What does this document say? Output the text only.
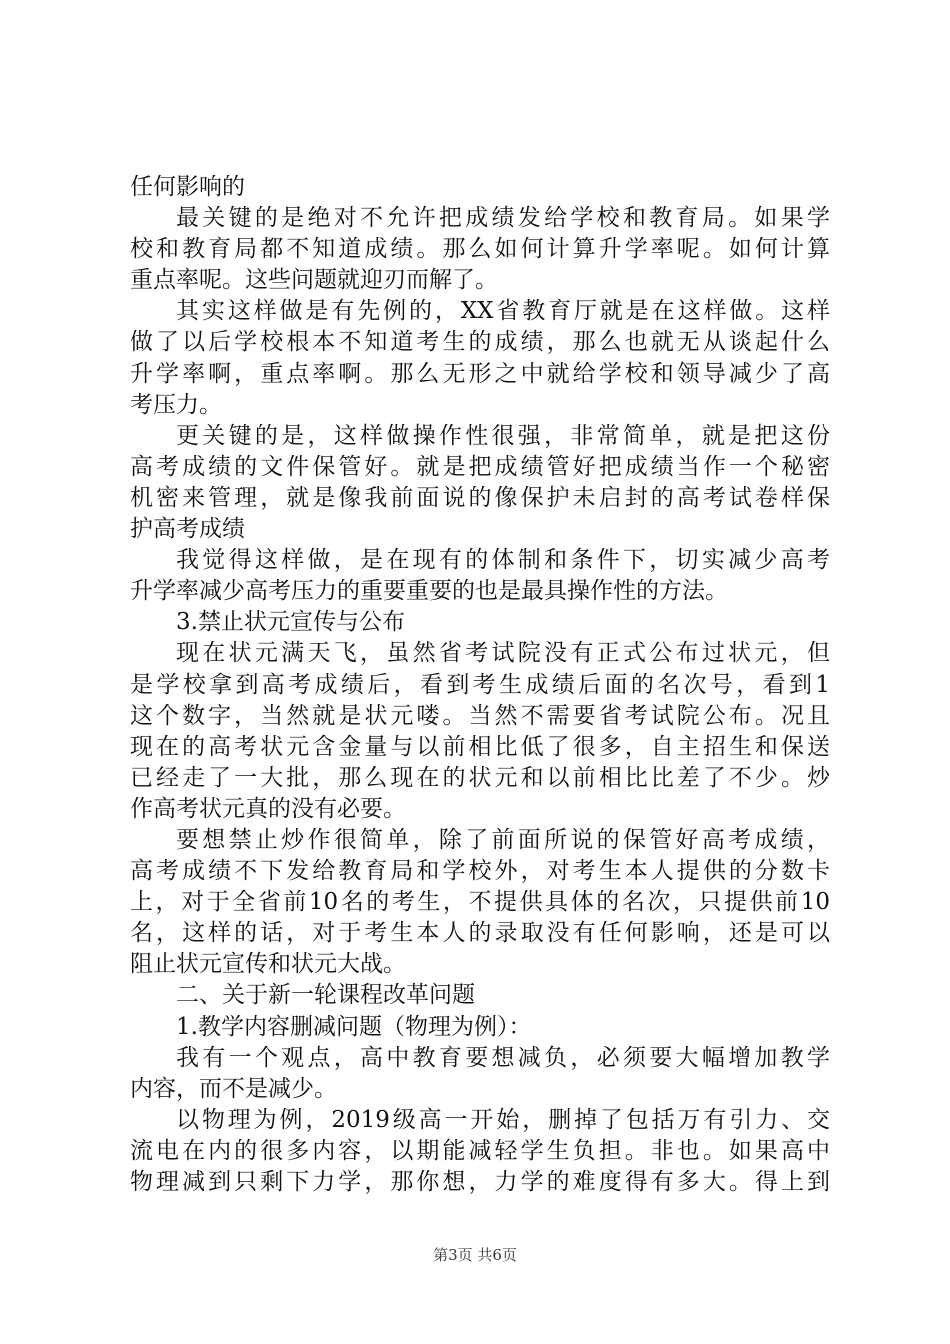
任何影响的
最关键的是绝对不允许把成绩发给学校和教育局。如果学
校和教育局都不知道成绩。那么如何计算升学率呢。如何计算
重点率呢。这些问题就迎刃而解了。
其实这样做是有先例的，XX省教育厅就是在这样做。这样
做了以后学校根本不知道考生的成绩，那么也就无从谈起什么
升学率啊，重点率啊。那么无形之中就给学校和领导减少了高
考压力。
更关键的是，这样做操作性很强，非常简单，就是把这份
高考成绩的文件保管好。就是把成绩管好把成绩当作一个秘密
机密来管理，就是像我前面说的像保护未启封的高考试卷样保
护高考成绩
我觉得这样做，是在现有的体制和条件下，切实减少高考
升学率减少高考压力的重要重要的也是最具操作性的方法。
3.禁止状元宣传与公布
现在状元满天飞，虽然省考试院没有正式公布过状元，但
是学校拿到高考成绩后，看到考生成绩后面的名次号，看到1
这个数字，当然就是状元喽。当然不需要省考试院公布。况且
现在的高考状元含金量与以前相比低了很多，自主招生和保送
已经走了一大批，那么现在的状元和以前相比比差了不少。炒
作高考状元真的没有必要。
要想禁止炒作很简单，除了前面所说的保管好高考成绩，
高考成绩不下发给教育局和学校外，对考生本人提供的分数卡
上，对于全省前10名的考生，不提供具体的名次，只提供前10
名，这样的话，对于考生本人的录取没有任何影响，还是可以
阻止状元宣传和状元大战。
二、关于新一轮课程改革问题
1.教学内容删减问题（物理为例）：
我有一个观点，高中教育要想减负，必须要大幅增加教学
内容，而不是减少。
以物理为例，2019级高一开始，删掉了包括万有引力、交
流电在内的很多内容，以期能减轻学生负担。非也。如果高中
物理减到只剩下力学，那你想，力学的难度得有多大。得上到
第3页 共6页
